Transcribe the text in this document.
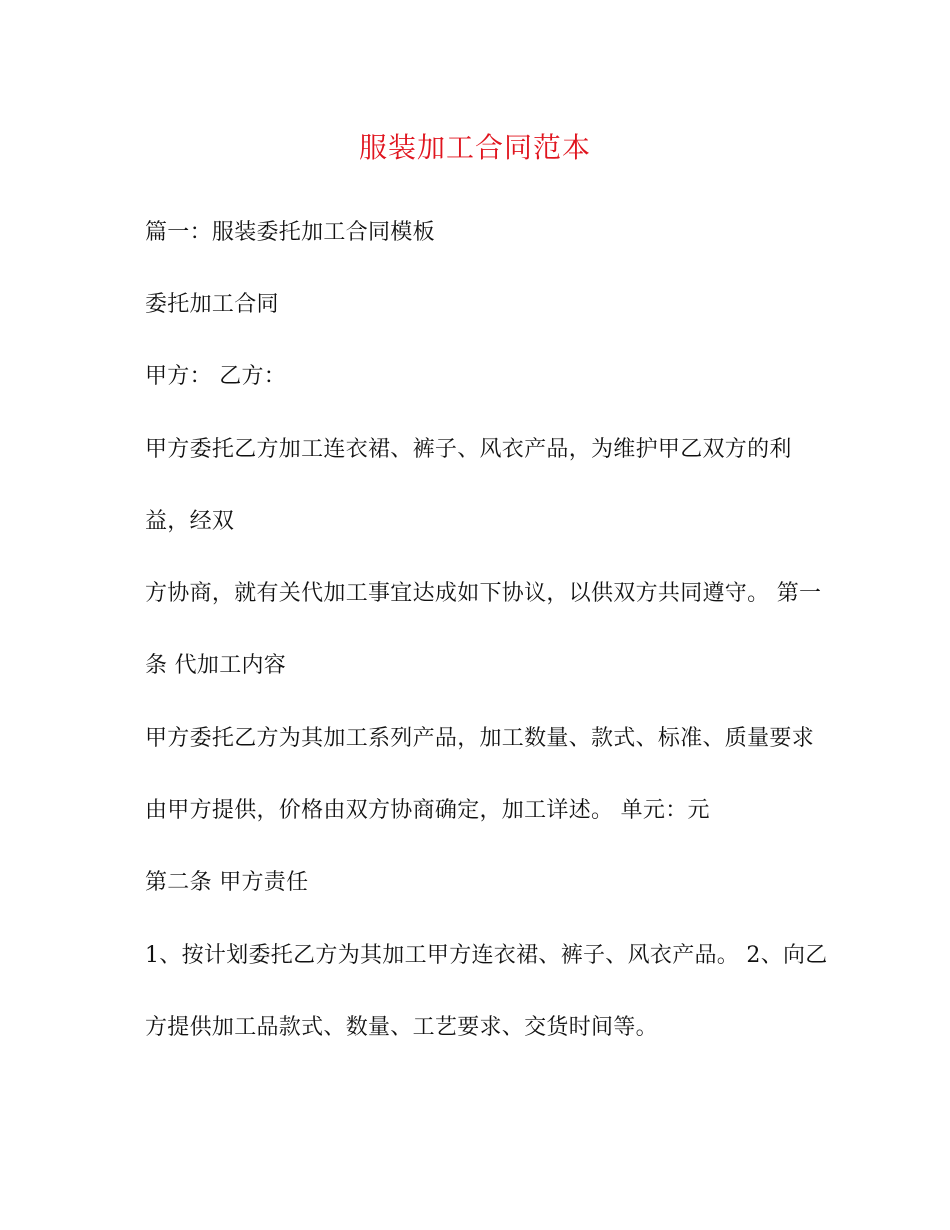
服装加工合同范本
篇一：服装委托加工合同模板
委托加工合同
甲方： 乙方：
甲方委托乙方加工连衣裙、裤子、风衣产品，为维护甲乙双方的利
益，经双
方协商，就有关代加工事宜达成如下协议，以供双方共同遵守。 第一
条 代加工内容
甲方委托乙方为其加工系列产品，加工数量、款式、标准、质量要求
由甲方提供，价格由双方协商确定，加工详述。 单元：元
第二条 甲方责任
1、按计划委托乙方为其加工甲方连衣裙、裤子、风衣产品。 2、向乙
方提供加工品款式、数量、工艺要求、交货时间等。
